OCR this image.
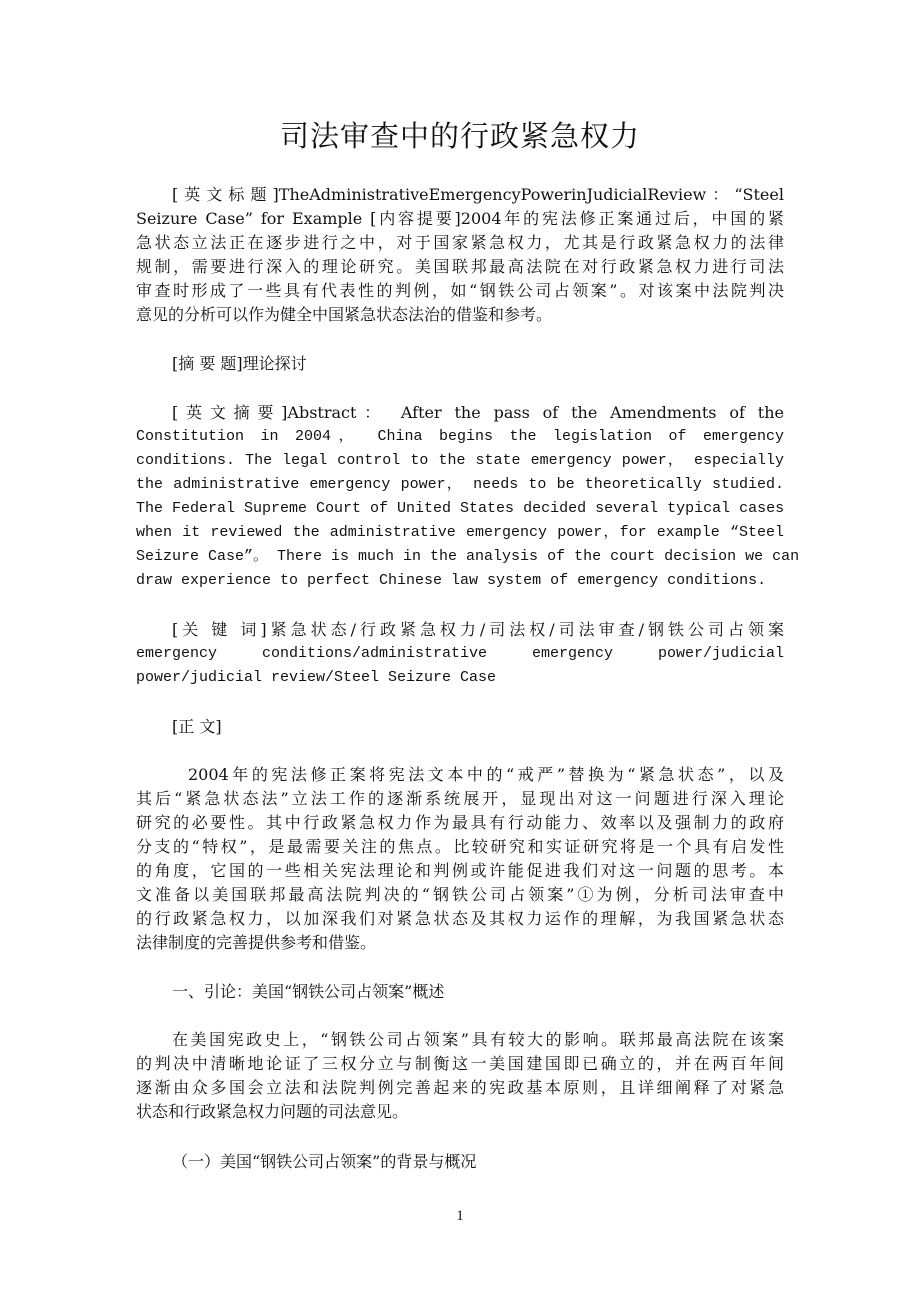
司法审查中的行政紧急权力
[英文标题]TheAdministrativeEmergencyPowerinJudicialReview：“Steel
Seizure Case” for Example [内容提要]2004年的宪法修正案通过后，中国的紧
急状态立法正在逐步进行之中，对于国家紧急权力，尤其是行政紧急权力的法律
规制，需要进行深入的理论研究。美国联邦最高法院在对行政紧急权力进行司法
审查时形成了一些具有代表性的判例，如“钢铁公司占领案”。对该案中法院判决
意见的分析可以作为健全中国紧急状态法治的借鉴和参考。
[摘 要 题]理论探讨
[英文摘要]Abstract： After the pass of the Amendments of the
Constitution in 2004， China begins the legislation of emergency
conditions. The legal control to the state emergency power， especially
the administrative emergency power， needs to be theoretically studied.
The Federal Supreme Court of United States decided several typical cases
when it reviewed the administrative emergency power，for example “Steel
Seizure Case”。 There is much in the analysis of the court decision we can
draw experience to perfect Chinese law system of emergency conditions.
[关 键 词]紧急状态/行政紧急权力/司法权/司法审查/钢铁公司占领案
emergency conditions/administrative emergency power/judicial
power/judicial review/Steel Seizure Case
[正 文]
2004年的宪法修正案将宪法文本中的“戒严”替换为“紧急状态”，以及
其后“紧急状态法”立法工作的逐渐系统展开，显现出对这一问题进行深入理论
研究的必要性。其中行政紧急权力作为最具有行动能力、效率以及强制力的政府
分支的“特权”，是最需要关注的焦点。比较研究和实证研究将是一个具有启发性
的角度，它国的一些相关宪法理论和判例或许能促进我们对这一问题的思考。本
文准备以美国联邦最高法院判决的“钢铁公司占领案”①为例，分析司法审查中
的行政紧急权力，以加深我们对紧急状态及其权力运作的理解，为我国紧急状态
法律制度的完善提供参考和借鉴。
一、引论：美国“钢铁公司占领案”概述
在美国宪政史上，“钢铁公司占领案”具有较大的影响。联邦最高法院在该案
的判决中清晰地论证了三权分立与制衡这一美国建国即已确立的，并在两百年间
逐渐由众多国会立法和法院判例完善起来的宪政基本原则，且详细阐释了对紧急
状态和行政紧急权力问题的司法意见。
（一）美国“钢铁公司占领案”的背景与概况
1
